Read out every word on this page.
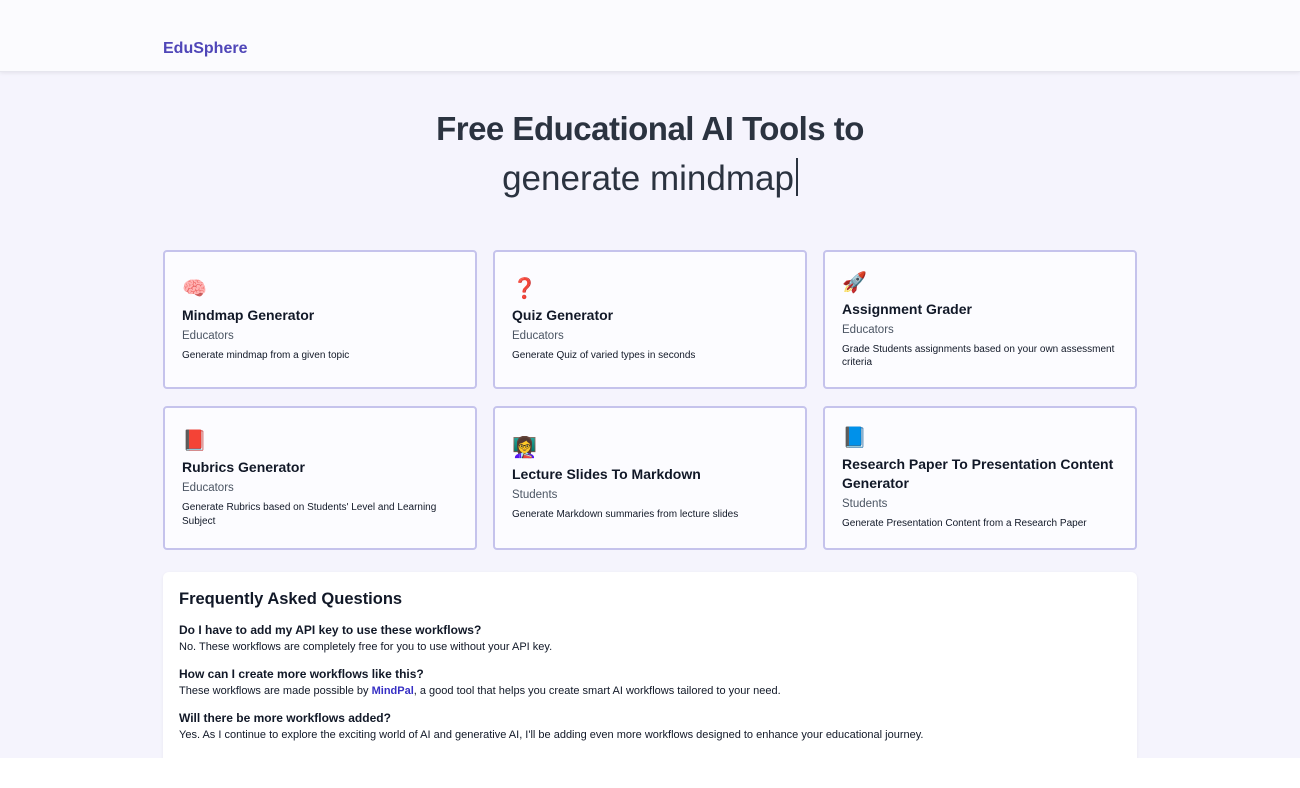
EduSphere
Free Educational AI Tools to
generate mindmap
🧠
Mindmap Generator
Educators
Generate mindmap from a given topic
❓
Quiz Generator
Educators
Generate Quiz of varied types in seconds
🚀
Assignment Grader
Educators
Grade Students assignments based on your own assessment criteria
📕
Rubrics Generator
Educators
Generate Rubrics based on Students' Level and Learning Subject
👩‍🏫
Lecture Slides To Markdown
Students
Generate Markdown summaries from lecture slides
📘
Research Paper To Presentation Content Generator
Students
Generate Presentation Content from a Research Paper
Frequently Asked Questions
Do I have to add my API key to use these workflows?
No. These workflows are completely free for you to use without your API key.
How can I create more workflows like this?
These workflows are made possible by MindPal, a good tool that helps you create smart AI workflows tailored to your need.
Will there be more workflows added?
Yes. As I continue to explore the exciting world of AI and generative AI, I'll be adding even more workflows designed to enhance your educational journey.
